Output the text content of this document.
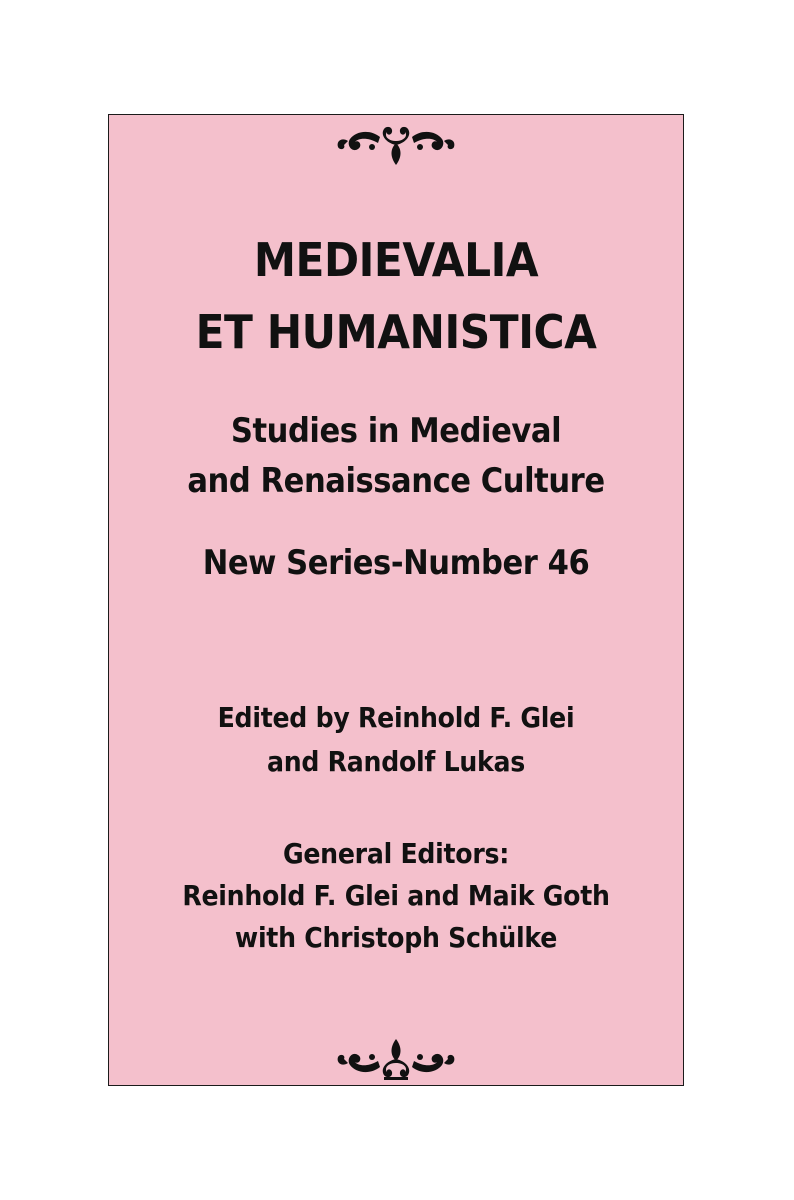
MEDIEVALIA
ET HUMANISTICA
Studies in Medieval
and Renaissance Culture
New Series-Number 46
Edited by Reinhold F. Glei
and Randolf Lukas
General Editors:
Reinhold F. Glei and Maik Goth
with Christoph Schülke
